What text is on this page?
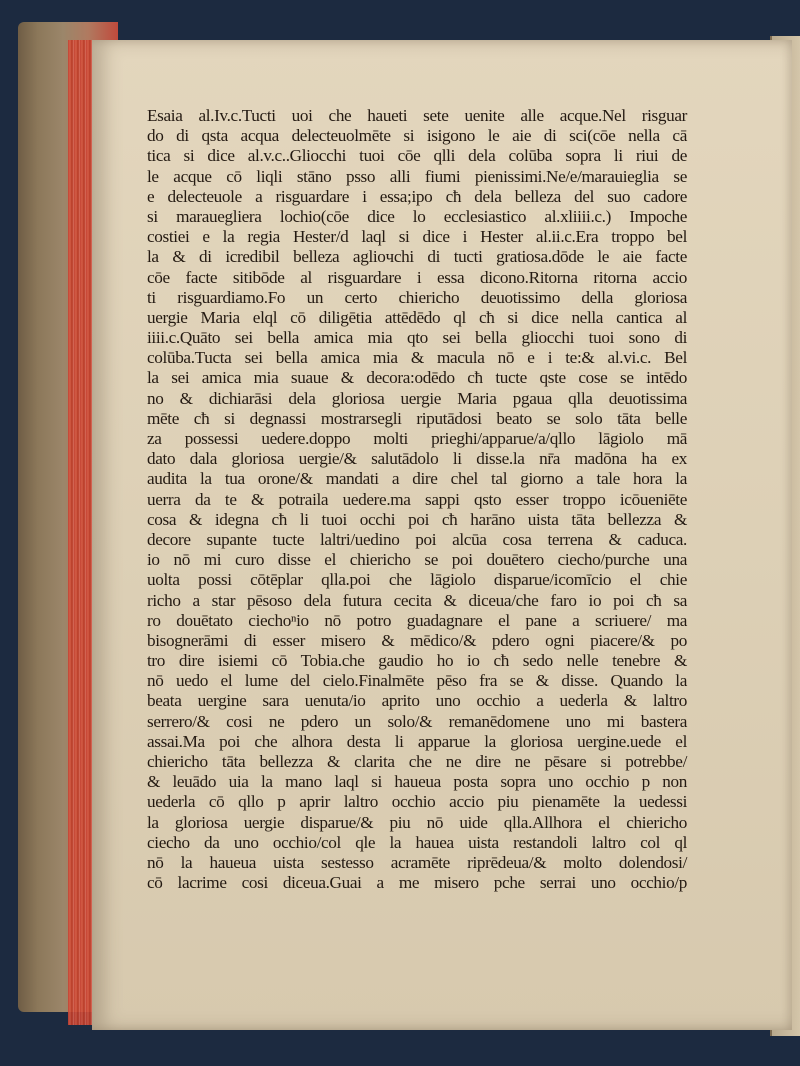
Esaia al.Iv.c.Tucti uoi che haueti sete uenite alle acque.Nel risguar
do di qsta acqua delecteuolmēte si isigono le aie di sci(cōe nella cā
tica si dice al.v.c..Gliocchi tuoi cōe qlli dela colūba sopra li riui de
le acque cō liqli stāno psso alli fiumi pienissimi.Ne/e/marauieglia se
e delecteuole a risguardare i essa;ipo cħ dela belleza del suo cadore
si marauegliera lochio(cōe dice lo ecclesiastico al.xliiii.c.) Impoche
costiei e la regia Hester/d laql si dice i Hester al.ii.c.Era troppo bel
la & di icredibil belleza aglioчchi di tucti gratiosa.dōde le aie facte
cōe facte sitibōde al risguardare i essa dicono.Ritorna ritorna accio
ti risguardiamo.Fo un certo chiericho deuotissimo della gloriosa
uergie Maria elql cō diligētia attēdēdo ql cħ si dice nella cantica al
iiii.c.Quāto sei bella amica mia qto sei bella gliocchi tuoi sono di
colūba.Tucta sei bella amica mia & macula nō e i te:& al.vi.c. Bel
la sei amica mia suaue & decora:odēdo cħ tucte qste cose se intēdo
no & dichiarāsi dela gloriosa uergie Maria pgaua qlla deuotissima
mēte cħ si degnassi mostrarsegli riputādosi beato se solo tāta belle
za possessi uedere.doppo molti prieghi/apparue/a/qllo lāgiolo mā
dato dala gloriosa uergie/& salutādolo li disse.la nr̄a madōna ha ex
audita la tua orone/& mandati a dire chel tal giorno a tale hora la
uerra da te & potraila uedere.ma sappi qsto esser troppo icōueniēte
cosa & idegna cħ li tuoi occhi poi cħ harāno uista tāta bellezza &
decore supante tucte laltri/uedino poi alcūa cosa terrena & caduca.
io nō mi curo disse el chiericho se poi douētero ciecho/purche una
uolta possi cōtēplar qlla.poi che lāgiolo disparue/icomīcio el chie
richo a star pēsoso dela futura cecita & diceua/che faro io poi cħ sa
ro douētato ciechoⁿio nō potro guadagnare el pane a scriuere/ ma
bisognerāmi di esser misero & mēdico/& pdero ogni piacere/& po
tro dire isiemi cō Tobia.che gaudio ho io cħ sedo nelle tenebre &
nō uedo el lume del cielo.Finalmēte pēso fra se & disse. Quando la
beata uergine sara uenuta/io aprito uno occhio a uederla & laltro
serrero/& cosi ne pdero un solo/& remanēdomene uno mi bastera
assai.Ma poi che alhora desta li apparue la gloriosa uergine.uede el
chiericho tāta bellezza & clarita che ne dire ne pēsare si potrebbe/
& leuādo uia la mano laql si haueua posta sopra uno occhio p non
uederla cō qllo p aprir laltro occhio accio piu pienamēte la uedessi
la gloriosa uergie disparue/& piu nō uide qlla.Allhora el chiericho
ciecho da uno occhio/col qle la hauea uista restandoli laltro col ql
nō la haueua uista sestesso acramēte riprēdeua/& molto dolendosi/
cō lacrime cosi diceua.Guai a me misero pche serrai uno occhio/p
